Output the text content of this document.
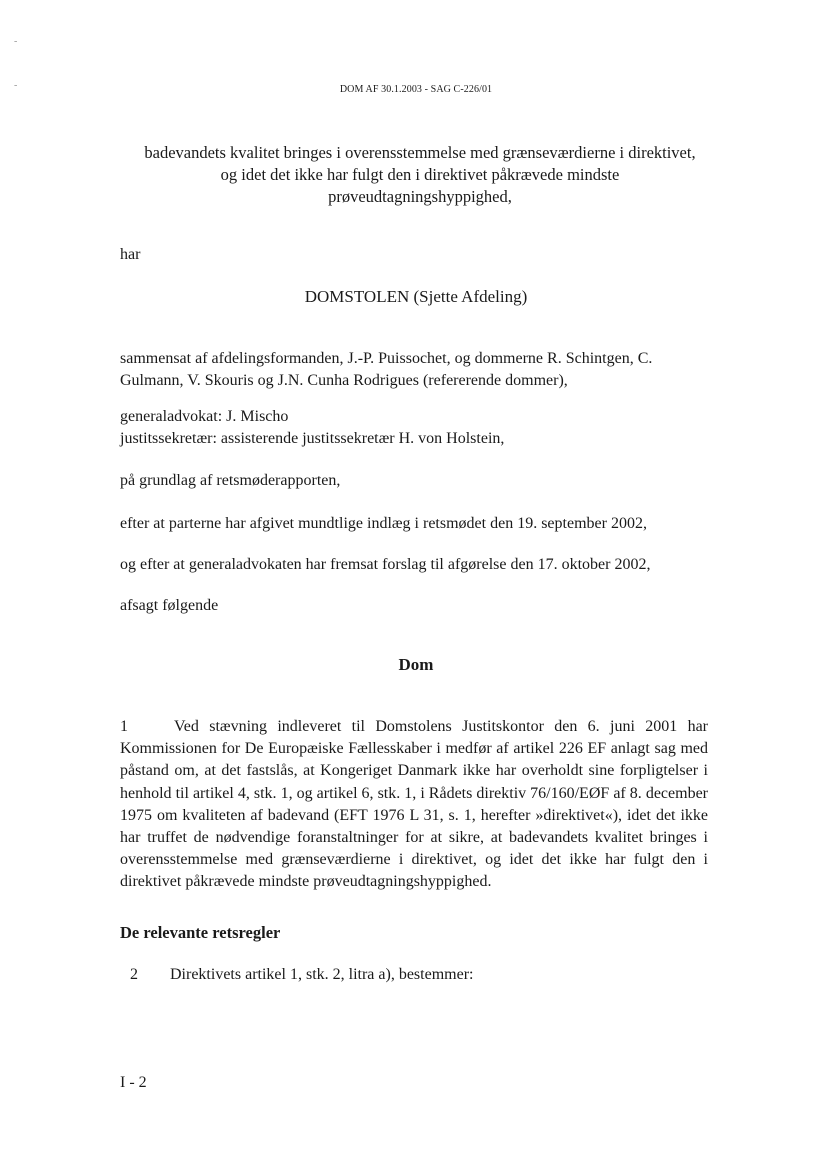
-
-	DOM AF 30.1.2003 - SAG C-226/01
badevandets kvalitet bringes i overensstemmelse med grænseværdierne i direktivet,
og idet det ikke har fulgt den i direktivet påkrævede mindste
prøveudtagningshyppighed,
har
DOMSTOLEN (Sjette Afdeling)
sammensat af afdelingsformanden, J.-P. Puissochet, og dommerne R. Schintgen, C.
Gulmann, V. Skouris og J.N. Cunha Rodrigues (refererende dommer),
generaladvokat: J. Mischo
justitssekretær: assisterende justitssekretær H. von Holstein,
på grundlag af retsmøderapporten,
efter at parterne har afgivet mundtlige indlæg i retsmødet den 19. september 2002,
og efter at generaladvokaten har fremsat forslag til afgørelse den 17. oktober 2002,
afsagt følgende
Dom
1	Ved stævning indleveret til Domstolens Justitskontor den 6. juni 2001 har Kommissionen for De Europæiske Fællesskaber i medfør af artikel 226 EF anlagt sag med påstand om, at det fastslås, at Kongeriget Danmark ikke har overholdt sine forpligtelser i henhold til artikel 4, stk. 1, og artikel 6, stk. 1, i Rådets direktiv 76/160/EØF af 8. december 1975 om kvaliteten af badevand (EFT 1976 L 31, s. 1, herefter »direktivet«), idet det ikke har truffet de nødvendige foranstaltninger for at sikre, at badevandets kvalitet bringes i overensstemmelse med grænseværdierne i direktivet, og idet det ikke har fulgt den i direktivet påkrævede mindste prøveudtagningshyppighed.
De relevante retsregler
2 Direktivets artikel 1, stk. 2, litra a), bestemmer:
I - 2
